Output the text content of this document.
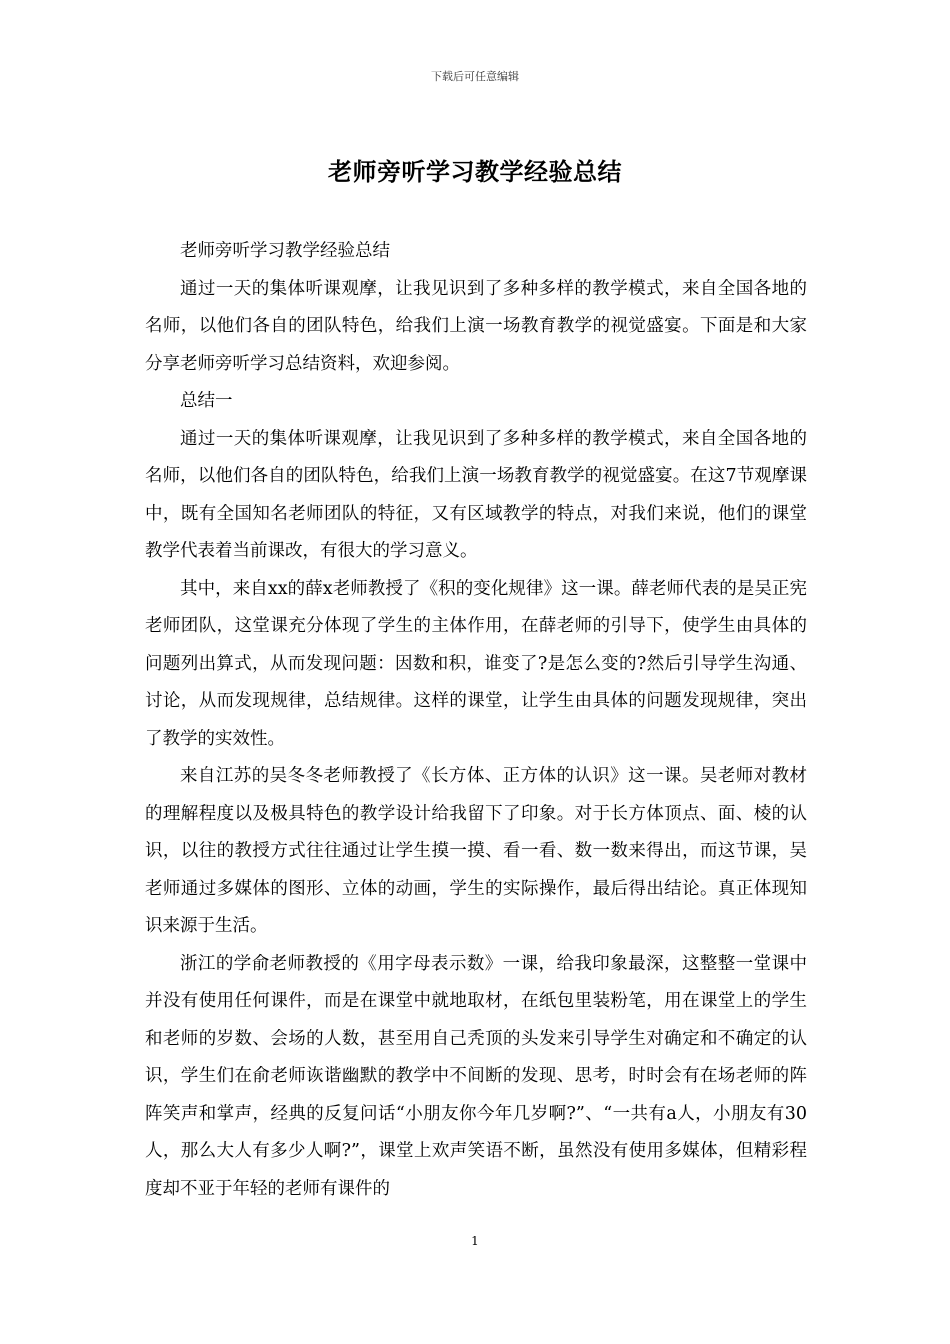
下载后可任意编辑
老师旁听学习教学经验总结

老师旁听学习教学经验总结

通过一天的集体听课观摩，让我见识到了多种多样的教学模式，来自全国各地的名师，以他们各自的团队特色，给我们上演一场教育教学的视觉盛宴。下面是和大家分享老师旁听学习总结资料，欢迎参阅。

总结一

通过一天的集体听课观摩，让我见识到了多种多样的教学模式，来自全国各地的名师，以他们各自的团队特色，给我们上演一场教育教学的视觉盛宴。在这7节观摩课中，既有全国知名老师团队的特征，又有区域教学的特点，对我们来说，他们的课堂教学代表着当前课改，有很大的学习意义。

其中，来自xx的薛x老师教授了《积的变化规律》这一课。薛老师代表的是吴正宪老师团队，这堂课充分体现了学生的主体作用，在薛老师的引导下，使学生由具体的问题列出算式，从而发现问题：因数和积，谁变了?是怎么变的?然后引导学生沟通、讨论，从而发现规律，总结规律。这样的课堂，让学生由具体的问题发现规律，突出了教学的实效性。

来自江苏的吴冬冬老师教授了《长方体、正方体的认识》这一课。吴老师对教材的理解程度以及极具特色的教学设计给我留下了印象。对于长方体顶点、面、棱的认识，以往的教授方式往往通过让学生摸一摸、看一看、数一数来得出，而这节课，吴老师通过多媒体的图形、立体的动画，学生的实际操作，最后得出结论。真正体现知识来源于生活。

浙江的学俞老师教授的《用字母表示数》一课，给我印象最深，这整整一堂课中并没有使用任何课件，而是在课堂中就地取材，在纸包里装粉笔，用在课堂上的学生和老师的岁数、会场的人数，甚至用自己秃顶的头发来引导学生对确定和不确定的认识，学生们在俞老师诙谐幽默的教学中不间断的发现、思考，时时会有在场老师的阵阵笑声和掌声，经典的反复问话“小朋友你今年几岁啊?”、“一共有a人，小朋友有30人，那么大人有多少人啊?”，课堂上欢声笑语不断，虽然没有使用多媒体，但精彩程度却不亚于年轻的老师有课件的

1
